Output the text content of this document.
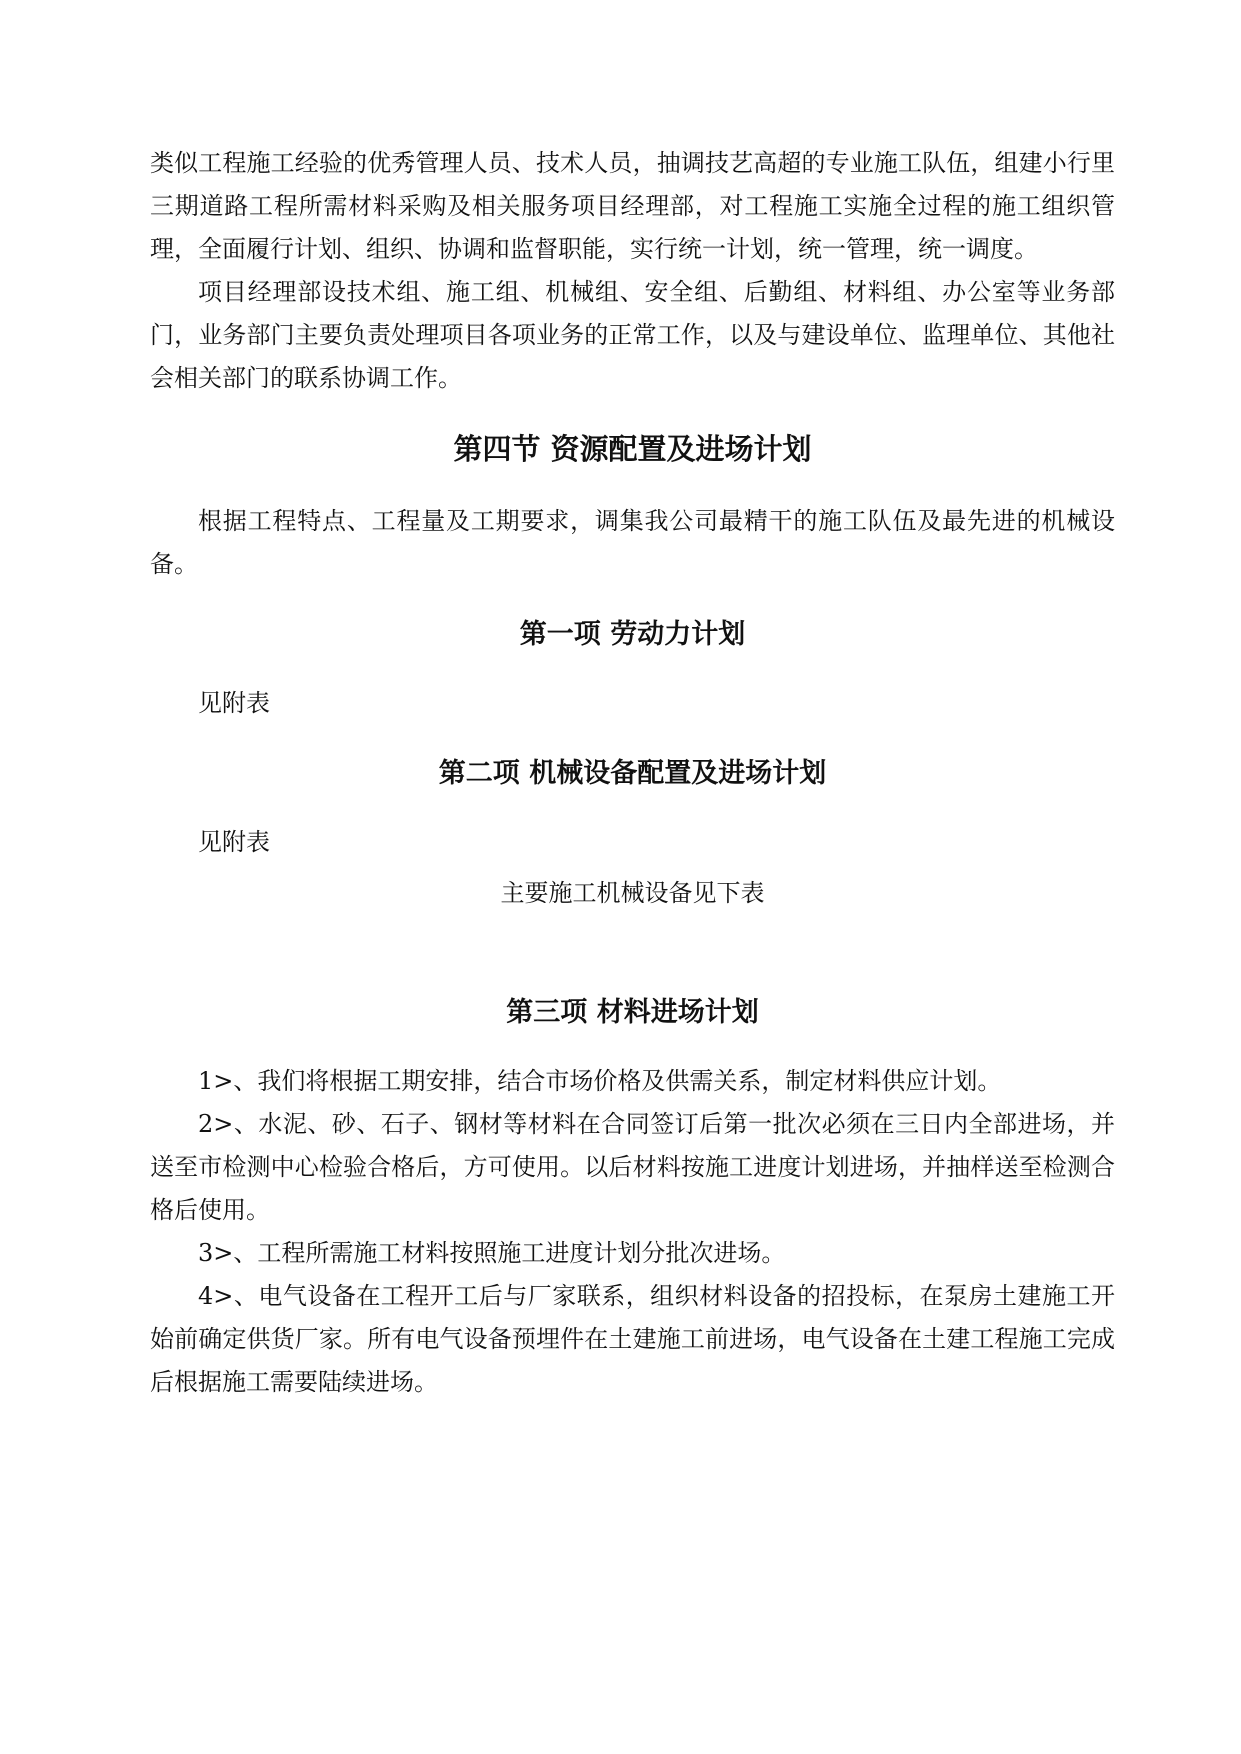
类似工程施工经验的优秀管理人员、技术人员，抽调技艺高超的专业施工队伍，组建小行里三期道路工程所需材料采购及相关服务项目经理部，对工程施工实施全过程的施工组织管理，全面履行计划、组织、协调和监督职能，实行统一计划，统一管理，统一调度。

项目经理部设技术组、施工组、机械组、安全组、后勤组、材料组、办公室等业务部门，业务部门主要负责处理项目各项业务的正常工作，以及与建设单位、监理单位、其他社会相关部门的联系协调工作。

第四节 资源配置及进场计划

根据工程特点、工程量及工期要求，调集我公司最精干的施工队伍及最先进的机械设备。

第一项 劳动力计划

见附表

第二项 机械设备配置及进场计划

见附表

主要施工机械设备见下表

第三项 材料进场计划

1>、我们将根据工期安排，结合市场价格及供需关系，制定材料供应计划。

2>、水泥、砂、石子、钢材等材料在合同签订后第一批次必须在三日内全部进场，并送至市检测中心检验合格后，方可使用。以后材料按施工进度计划进场，并抽样送至检测合格后使用。

3>、工程所需施工材料按照施工进度计划分批次进场。

4>、电气设备在工程开工后与厂家联系，组织材料设备的招投标，在泵房土建施工开始前确定供货厂家。所有电气设备预埋件在土建施工前进场，电气设备在土建工程施工完成后根据施工需要陆续进场。
